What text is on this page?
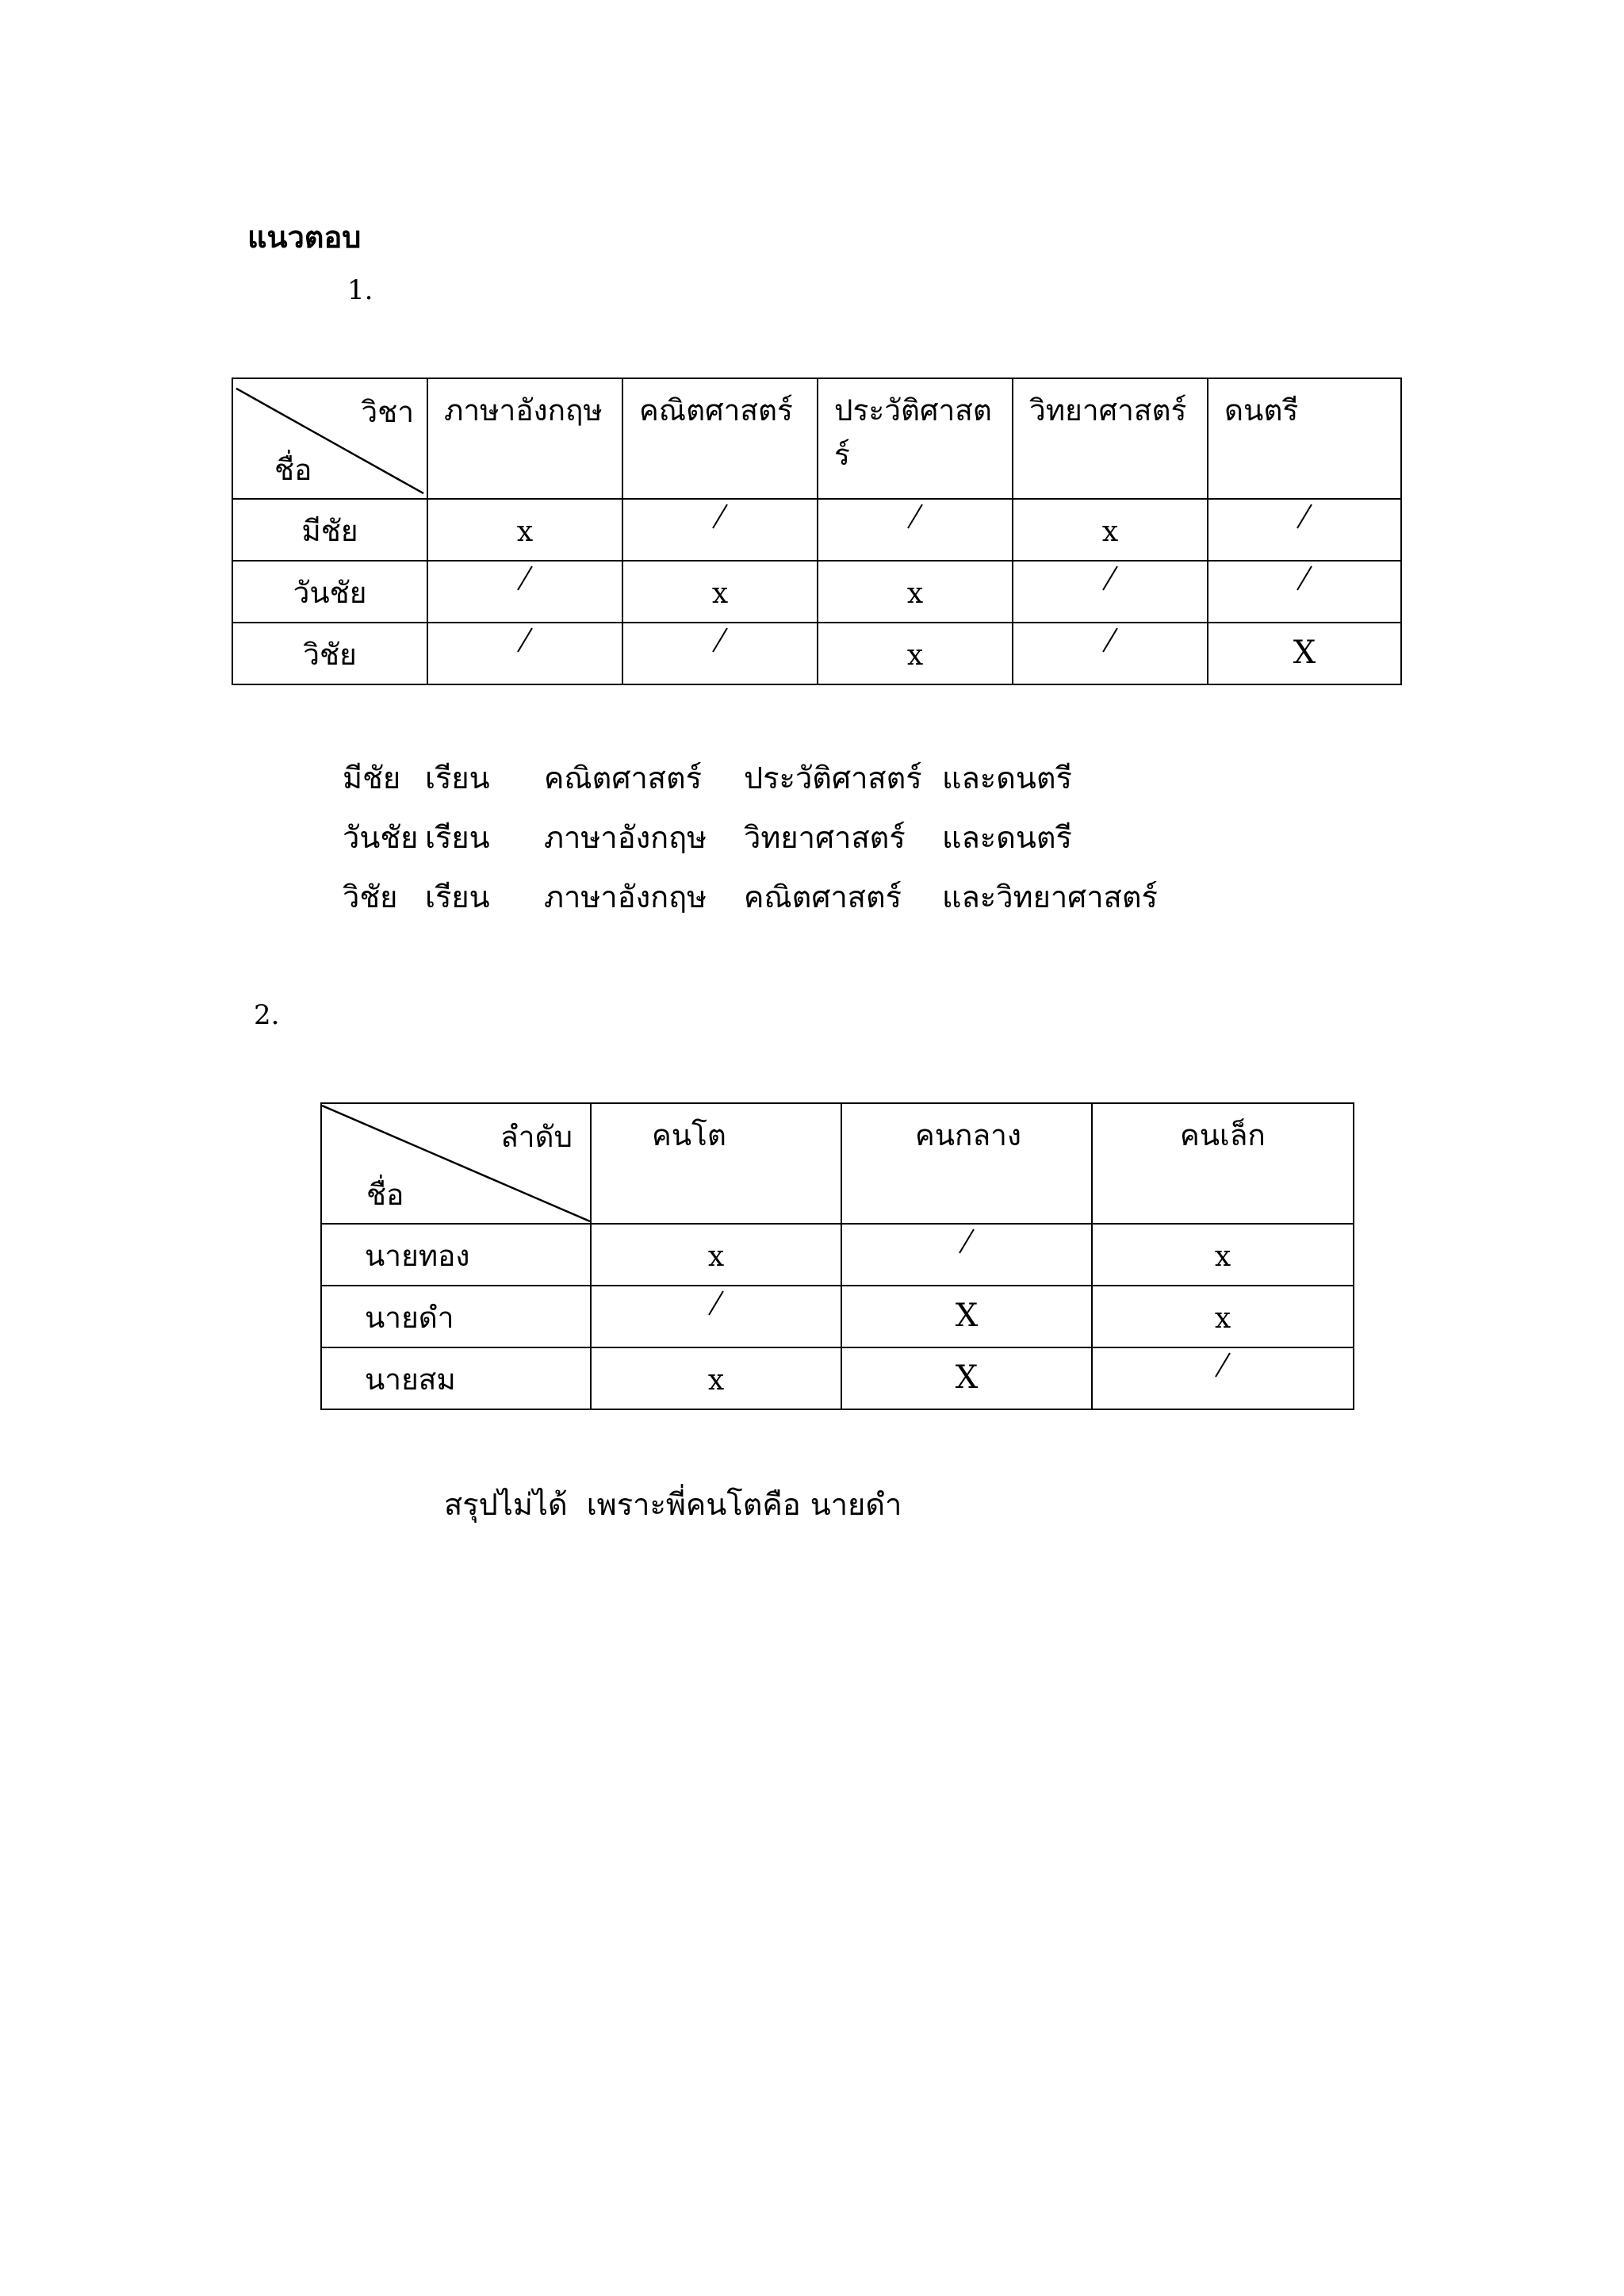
แนวตอบ
1.
วิชา
ชื่อ	ภาษาอังกฤษ	คณิตศาสตร์	ประวัติศาสตร์	วิทยาศาสตร์	ดนตรี

มีชัย	x			x

วันชัย		x	x

วิชัย			x		X
มีชัย เรียน คณิตศาสตร์ ประวัติศาสตร์ และดนตรี
วันชัย เรียน ภาษาอังกฤษ วิทยาศาสตร์ และดนตรี
วิชัย เรียน ภาษาอังกฤษ คณิตศาสตร์ และวิทยาศาสตร์
2.
ลำดับ
ชื่อ	คนโต	คนกลาง	คนเล็ก

นายทอง	x		x

นายดำ		X	x

นายสม	x	X

สรุปไม่ได้ เพราะพี่คนโตคือ นายดำ
